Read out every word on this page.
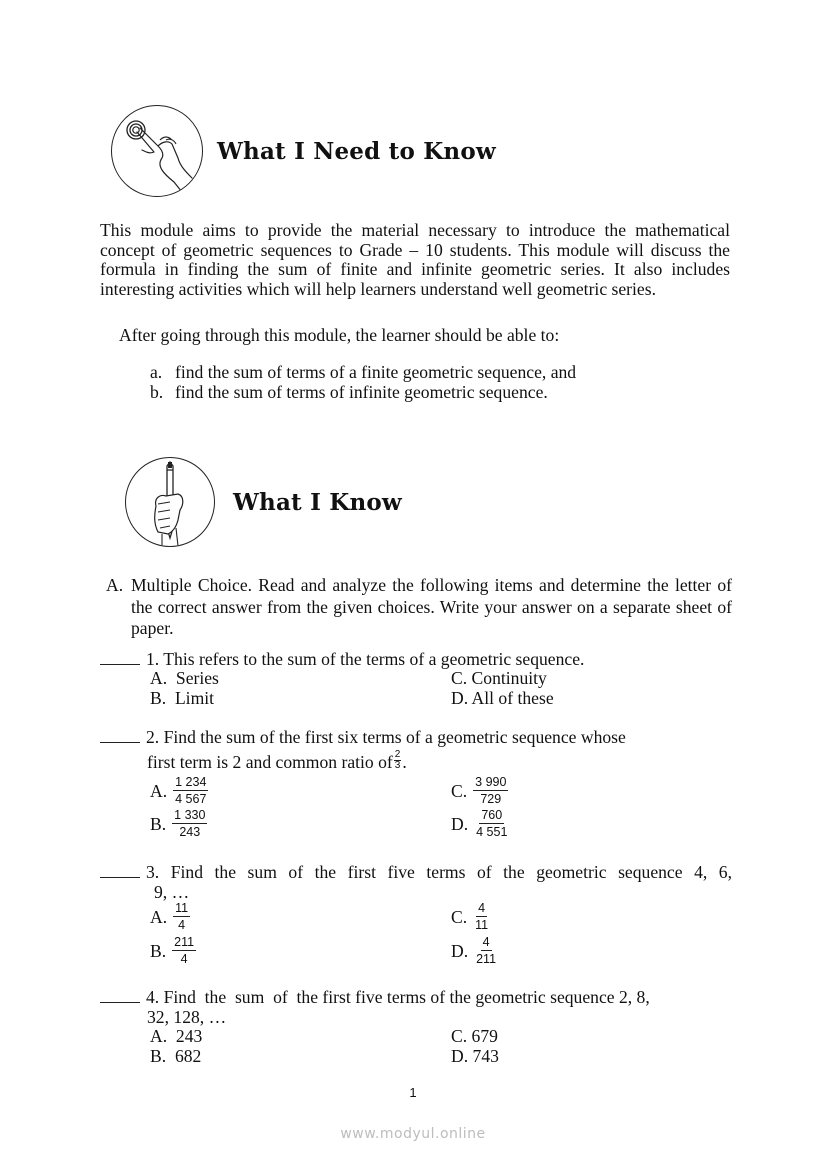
What I Need to Know
This module aims to provide the material necessary to introduce the mathematical concept of geometric sequences to Grade – 10 students. This module will discuss the formula in finding the sum of finite and infinite geometric series. It also includes interesting activities which will help learners understand well geometric series.
After going through this module, the learner should be able to:
a. find the sum of terms of a finite geometric sequence, and
b. find the sum of terms of infinite geometric sequence.
What I Know
A. Multiple Choice. Read and analyze the following items and determine the letter of the correct answer from the given choices. Write your answer on a separate sheet of paper.
1. This refers to the sum of the terms of a geometric sequence.
A. Series
B. Limit
C. Continuity
D. All of these
2. Find the sum of the first six terms of a geometric sequence whose
first term is 2 and common ratio of $\frac{2}{3}$ .
A. $\frac{1 234}{4 567}$
B. $\frac{1 330}{243}$
C. $\frac{3 990}{729}$
D. $\frac{760}{4 551}$
3. Find the sum of the first five terms of the geometric sequence 4, 6,
9, …
A. $\frac{11}{4}$
B. $\frac{211}{4}$
C. $\frac{4}{11}$
D. $\frac{4}{211}$
4. Find  the  sum  of  the first five terms of the geometric sequence 2, 8,
32, 128, …
A. 243
B. 682
C. 679
D. 743
1
www.modyul.online
